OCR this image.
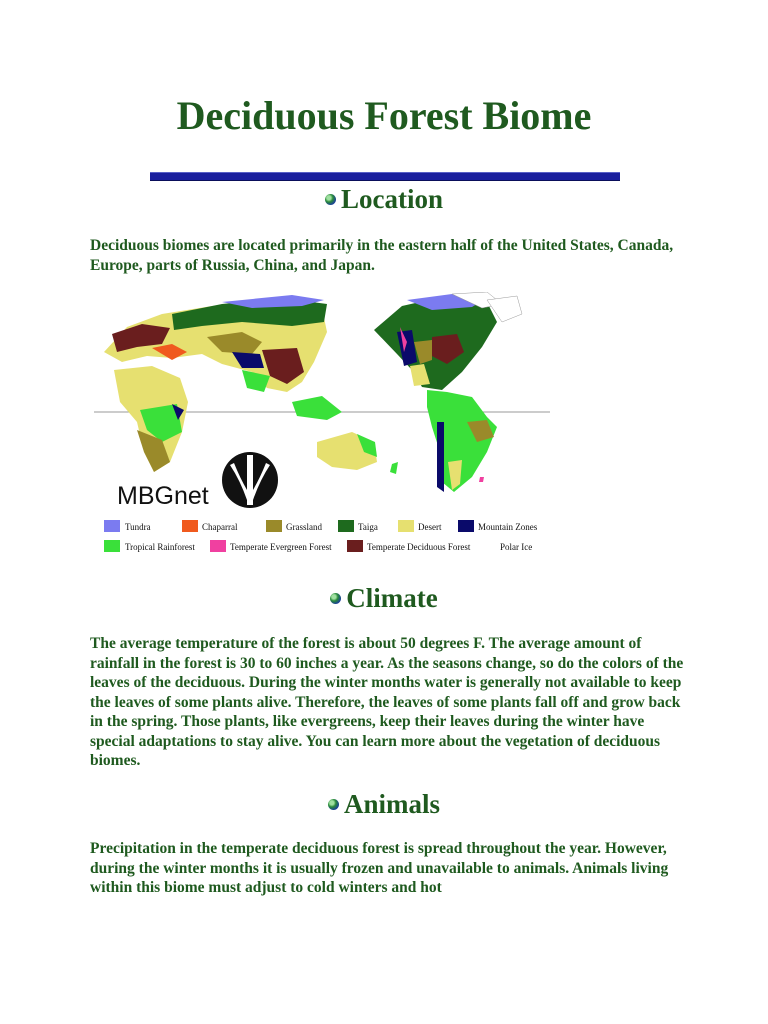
Deciduous Forest Biome
Location

Deciduous biomes are located primarily in the eastern half of the United States, Canada, Europe, parts of Russia, China, and Japan.

MBGnet
Tundra	Chaparral	Grassland	Taiga	Desert	Mountain Zones
Tropical Rainforest	Temperate Evergreen Forest	Temperate Deciduous Forest	Polar Ice
Climate

The average temperature of the forest is about 50 degrees F. The average amount of rainfall in the forest is 30 to 60 inches a year. As the seasons change, so do the colors of the leaves of the deciduous. During the winter months water is generally not available to keep the leaves of some plants alive. Therefore, the leaves of some plants fall off and grow back in the spring. Those plants, like evergreens, keep their leaves during the winter have special adaptations to stay alive. You can learn more about the vegetation of deciduous biomes.

Animals

Precipitation in the temperate deciduous forest is spread throughout the year. However, during the winter months it is usually frozen and unavailable to animals. Animals living within this biome must adjust to cold winters and hot
